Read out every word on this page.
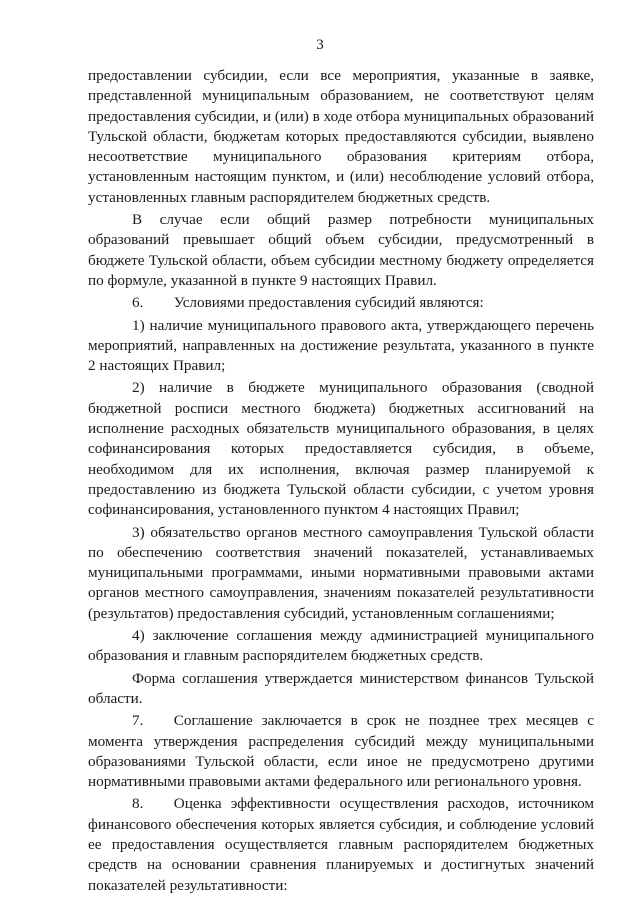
3

предоставлении субсидии, если все мероприятия, указанные в заявке, представленной муниципальным образованием, не соответствуют целям предоставления субсидии, и (или) в ходе отбора муниципальных образований Тульской области, бюджетам которых предоставляются субсидии, выявлено несоответствие муниципального образования критериям отбора, установленным настоящим пунктом, и (или) несоблюдение условий отбора, установленных главным распорядителем бюджетных средств.

В случае если общий размер потребности муниципальных образований превышает общий объем субсидии, предусмотренный в бюджете Тульской области, объем субсидии местному бюджету определяется по формуле, указанной в пункте 9 настоящих Правил.

6.  Условиями предоставления субсидий являются:

1) наличие муниципального правового акта, утверждающего перечень мероприятий, направленных на достижение результата, указанного в пункте 2 настоящих Правил;

2) наличие в бюджете муниципального образования (сводной бюджетной росписи местного бюджета) бюджетных ассигнований на исполнение расходных обязательств муниципального образования, в целях софинансирования которых предоставляется субсидия, в объеме, необходимом для их исполнения, включая размер планируемой к предоставлению из бюджета Тульской области субсидии, с учетом уровня софинансирования, установленного пунктом 4 настоящих Правил;

3) обязательство органов местного самоуправления Тульской области по обеспечению соответствия значений показателей, устанавливаемых муниципальными программами, иными нормативными правовыми актами органов местного самоуправления, значениям показателей результативности (результатов) предоставления субсидий, установленным соглашениями;

4) заключение соглашения между администрацией муниципального образования и главным распорядителем бюджетных средств.

Форма соглашения утверждается министерством финансов Тульской области.

7.  Соглашение заключается в срок не позднее трех месяцев с момента утверждения распределения субсидий между муниципальными образованиями Тульской области, если иное не предусмотрено другими нормативными правовыми актами федерального или регионального уровня.

8.  Оценка эффективности осуществления расходов, источником финансового обеспечения которых является субсидия, и соблюдение условий ее предоставления осуществляется главным распорядителем бюджетных средств на основании сравнения планируемых и достигнутых значений показателей результативности:
